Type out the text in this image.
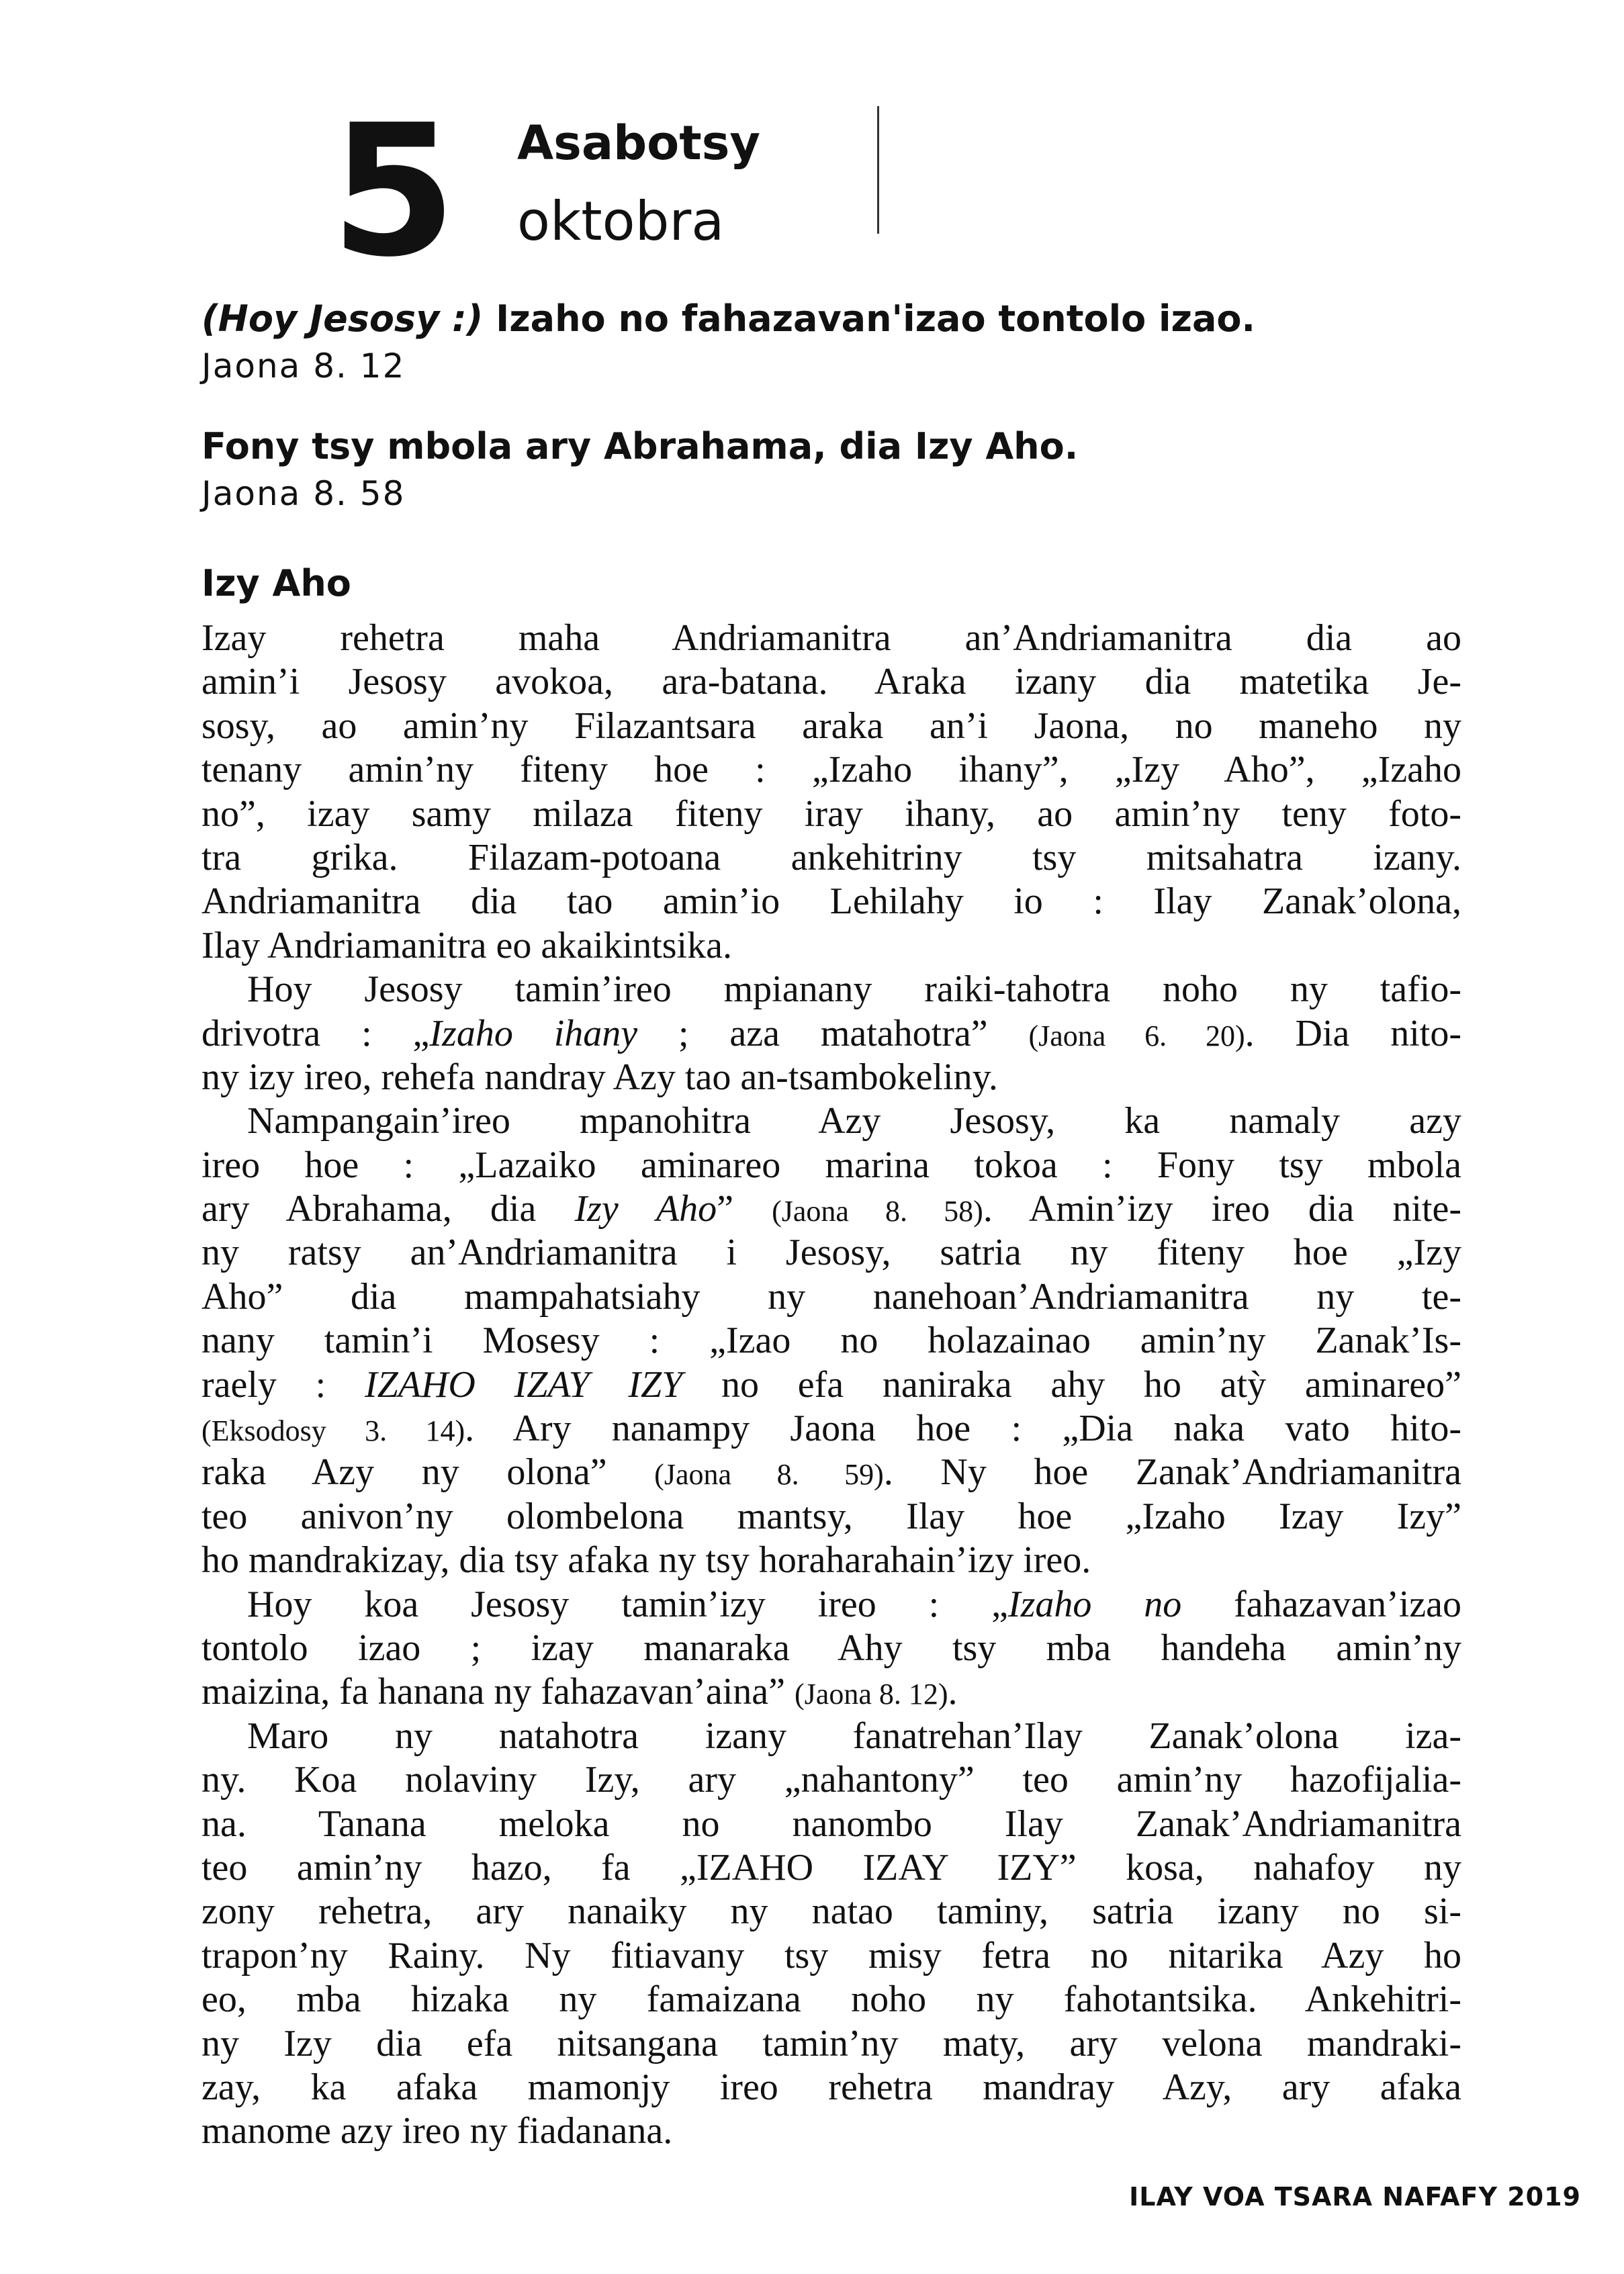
5 Asabotsy
oktobra
(Hoy Jesosy :) Izaho no fahazavan'izao tontolo izao.
Jaona 8. 12
Fony tsy mbola ary Abrahama, dia Izy Aho.
Jaona 8. 58
Izy Aho
Izay rehetra maha Andriamanitra an’Andriamanitra dia ao
amin’i Jesosy avokoa, ara-batana. Araka izany dia matetika Je-
sosy, ao amin’ny Filazantsara araka an’i Jaona, no maneho ny
tenany amin’ny fiteny hoe : „Izaho ihany”, „Izy Aho”, „Izaho
no”, izay samy milaza fiteny iray ihany, ao amin’ny teny foto-
tra grika. Filazam-potoana ankehitriny tsy mitsahatra izany.
Andriamanitra dia tao amin’io Lehilahy io : Ilay Zanak’olona,
Ilay Andriamanitra eo akaikintsika.
Hoy Jesosy tamin’ireo mpianany raiki-tahotra noho ny tafio-
drivotra : „Izaho ihany ; aza matahotra” (Jaona 6. 20). Dia nito-
ny izy ireo, rehefa nandray Azy tao an-tsambokeliny.
Nampangain’ireo mpanohitra Azy Jesosy, ka namaly azy
ireo hoe : „Lazaiko aminareo marina tokoa : Fony tsy mbola
ary Abrahama, dia Izy Aho” (Jaona 8. 58). Amin’izy ireo dia nite-
ny ratsy an’Andriamanitra i Jesosy, satria ny fiteny hoe „Izy
Aho” dia mampahatsiahy ny nanehoan’Andriamanitra ny te-
nany tamin’i Mosesy : „Izao no holazainao amin’ny Zanak’Is-
raely : IZAHO IZAY IZY no efa naniraka ahy ho atỳ aminareo”
(Eksodosy 3. 14). Ary nanampy Jaona hoe : „Dia naka vato hito-
raka Azy ny olona” (Jaona 8. 59). Ny hoe Zanak’Andriamanitra
teo anivon’ny olombelona mantsy, Ilay hoe „Izaho Izay Izy”
ho mandrakizay, dia tsy afaka ny tsy horaharahain’izy ireo.
Hoy koa Jesosy tamin’izy ireo : „Izaho no fahazavan’izao
tontolo izao ; izay manaraka Ahy tsy mba handeha amin’ny
maizina, fa hanana ny fahazavan’aina” (Jaona 8. 12).
Maro ny natahotra izany fanatrehan’Ilay Zanak’olona iza-
ny. Koa nolaviny Izy, ary „nahantony” teo amin’ny hazofijalia-
na. Tanana meloka no nanombo Ilay Zanak’Andriamanitra
teo amin’ny hazo, fa „IZAHO IZAY IZY” kosa, nahafoy ny
zony rehetra, ary nanaiky ny natao taminy, satria izany no si-
trapon’ny Rainy. Ny fitiavany tsy misy fetra no nitarika Azy ho
eo, mba hizaka ny famaizana noho ny fahotantsika. Ankehitri-
ny Izy dia efa nitsangana tamin’ny maty, ary velona mandraki-
zay, ka afaka mamonjy ireo rehetra mandray Azy, ary afaka
manome azy ireo ny fiadanana.
ILAY VOA TSARA NAFAFY 2019
